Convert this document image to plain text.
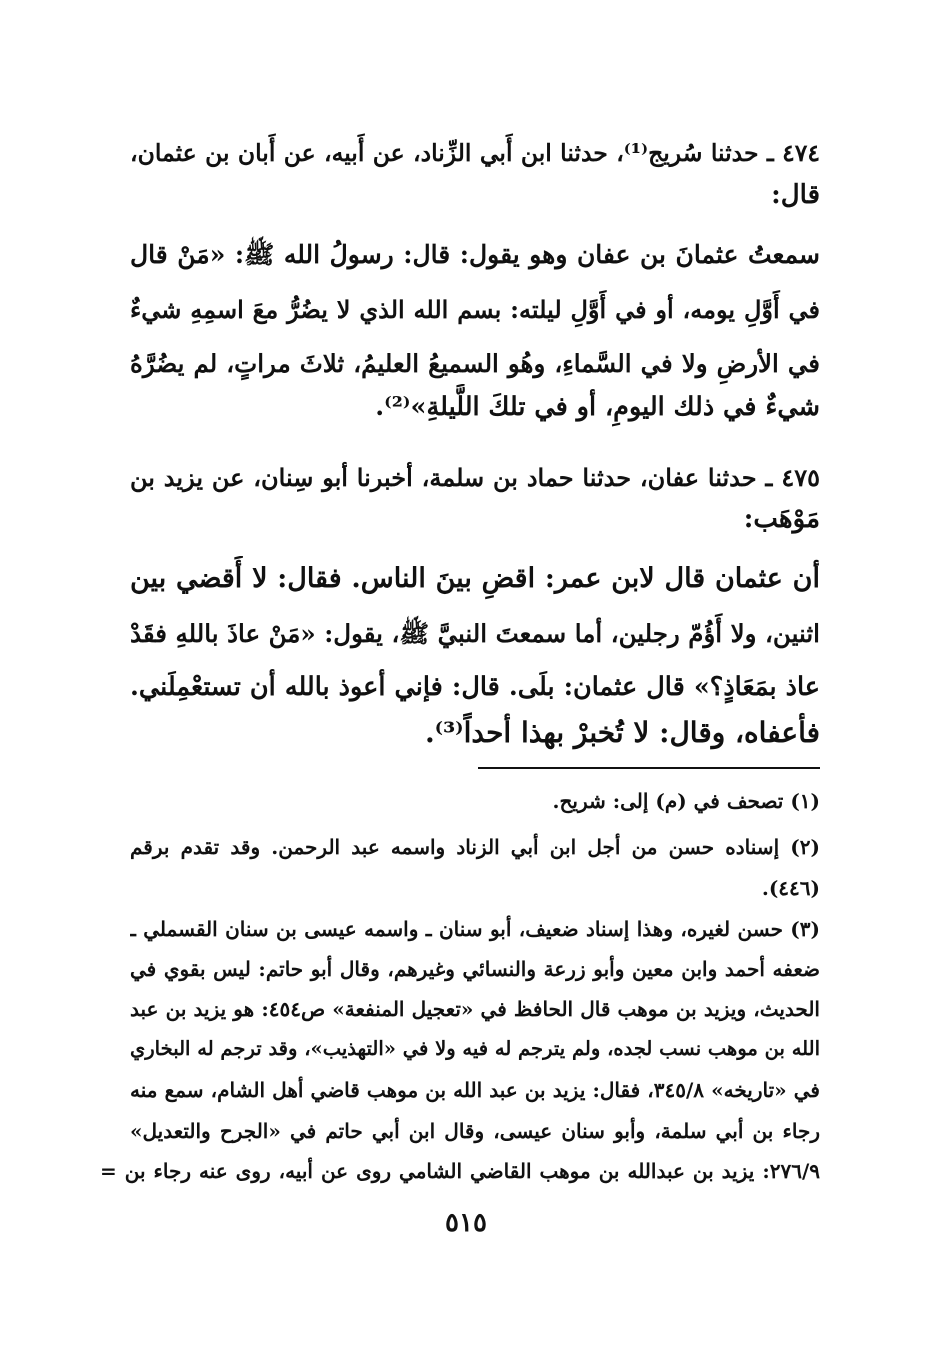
٤٧٤ ـ حدثنا سُريج⁽¹⁾، حدثنا ابن أَبي الزِّناد، عن أَبيه، عن أَبان بن عثمان،
قال:
سمعتُ عثمانَ بن عفان وهو يقول: قال: رسولُ الله ﷺ: «مَنْ قال
في أَوَّلِ يومه، أو في أَوَّلِ ليلته: بسم الله الذي لا يضُرُّ معَ اسمِهِ شيءٌ
في الأرضِ ولا في السَّماءِ، وهُو السميعُ العليمُ، ثلاثَ مراتٍ، لم يضُرَّهُ
شيءٌ في ذلك اليومِ، أو في تلكَ اللَّيلةِ»⁽²⁾.
٤٧٥ ـ حدثنا عفان، حدثنا حماد بن سلمة، أخبرنا أبو سِنان، عن يزيد بن
مَوْهَب:
أن عثمان قال لابن عمر: اقضِ بينَ الناس. فقال: لا أَقضي بين
اثنين، ولا أَؤُمّ رجلين، أما سمعتَ النبيَّ ﷺ، يقول: «مَنْ عاذَ باللهِ فقَدْ
عاذ بمَعَاذٍ؟» قال عثمان: بلَى. قال: فإني أعوذ بالله أن تستعْمِلَني.
فأعفاه، وقال: لا تُخبرْ بهذا أحداً⁽³⁾.
(١) تصحف في (م) إلى: شريح.
(٢) إسناده حسن من أجل ابن أبي الزناد واسمه عبد الرحمن. وقد تقدم برقم
(٤٤٦).
(٣) حسن لغيره، وهذا إسناد ضعيف، أبو سنان ـ واسمه عيسى بن سنان القسملي ـ
ضعفه أحمد وابن معين وأبو زرعة والنسائي وغيرهم، وقال أبو حاتم: ليس بقوي في
الحديث، ويزيد بن موهب قال الحافظ في «تعجيل المنفعة» ص٤٥٤: هو يزيد بن عبد
الله بن موهب نسب لجده، ولم يترجم له فيه ولا في «التهذيب»، وقد ترجم له البخاري
في «تاريخه» ٣٤٥/٨، فقال: يزيد بن عبد الله بن موهب قاضي أهل الشام، سمع منه
رجاء بن أبي سلمة، وأبو سنان عيسى، وقال ابن أبي حاتم في «الجرح والتعديل»
٢٧٦/٩: يزيد بن عبدالله بن موهب القاضي الشامي روى عن أبيه، روى عنه رجاء بن =
٥١٥
